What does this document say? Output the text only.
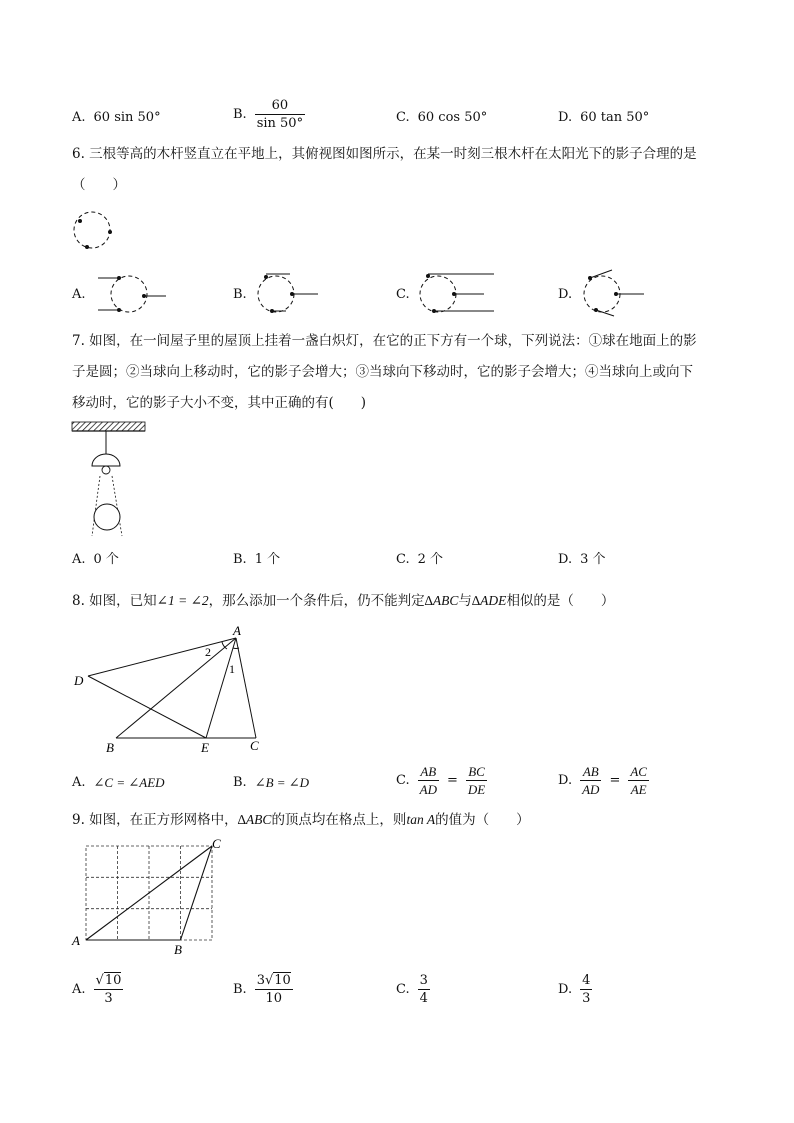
A. 60 sin 50°	B. $\frac{60}{\sin 50^\circ}$	C. 60 cos 50°	D. 60 tan 50°
6. 三根等高的木杆竖直立在平地上，其俯视图如图所示，在某一时刻三根木杆在太阳光下的影子合理的是
（　　）
A.	B.	C.	D.
7. 如图，在一间屋子里的屋顶上挂着一盏白炽灯，在它的正下方有一个球，下列说法：①球在地面上的影
子是圆；②当球向上移动时，它的影子会增大；③当球向下移动时，它的影子会增大；④当球向上或向下
移动时，它的影子大小不变，其中正确的有(　　)
A. 0 个	B. 1 个	C. 2 个	D. 3 个
8. 如图，已知∠1 = ∠2，那么添加一个条件后，仍不能判定∆ABC与∆ADE相似的是（　　）
A
B	C
D
E
1
2
A. ∠C = ∠AED	B. ∠B = ∠D	C. $\frac{AB}{AD} = \frac{BC}{DE}$	D. $\frac{AB}{AD} = \frac{AC}{AE}$
9. 如图，在正方形网格中，∆ABC的顶点均在格点上，则tan A的值为（　　）
A
B
C
A. $\frac{√10}{3}$	B. $\frac{3√10}{10}$	C. $\frac{3}{4}$	D. $\frac{4}{3}$
